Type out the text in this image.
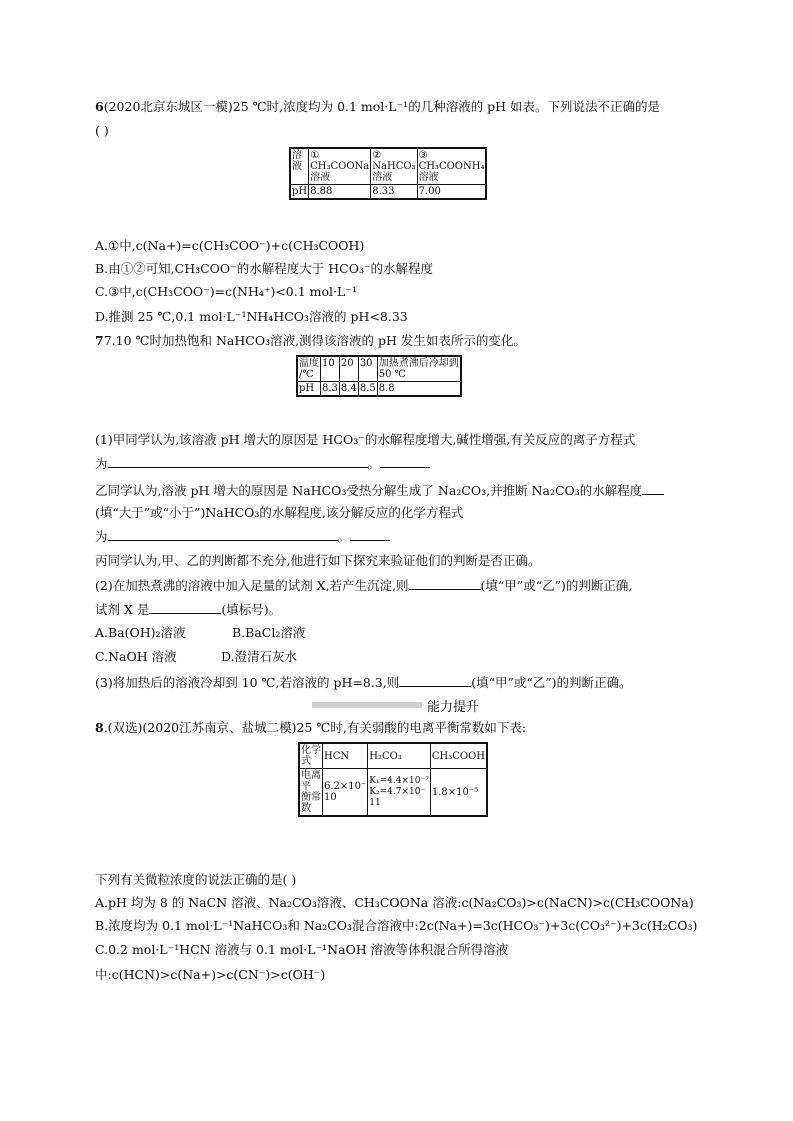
6(2020北京东城区一模)25 ℃时,浓度均为 0.1 mol·L⁻¹的几种溶液的 pH 如表。下列说法不正确的是
( )
溶
液	①
CH₃COONa
溶液	②
NaHCO₃
溶液	③
CH₃COONH₄
溶液
pH	8.88	8.33	7.00
A.①中,c(Na+)=c(CH₃COO⁻)+c(CH₃COOH)
B.由①②可知,CH₃COO⁻的水解程度大于 HCO₃⁻的水解程度
C.③中,c(CH₃COO⁻)=c(NH₄⁺)<0.1 mol·L⁻¹
D.推测 25 ℃,0.1 mol·L⁻¹NH₄HCO₃溶液的 pH<8.33
77.10 ℃时加热饱和 NaHCO₃溶液,测得该溶液的 pH 发生如表所示的变化。
温度
/℃	10	20	30	加热煮沸后冷却到
50 ℃
pH	8.3	8.4	8.5	8.8
(1)甲同学认为,该溶液 pH 增大的原因是 HCO₃⁻的水解程度增大,碱性增强,有关反应的离子方程式
为	。
乙同学认为,溶液 pH 增大的原因是 NaHCO₃受热分解生成了 Na₂CO₃,并推断 Na₂CO₃的水解程度
(填“大于”或“小于”)NaHCO₃的水解程度,该分解反应的化学方程式
为	。
丙同学认为,甲、乙的判断都不充分,他进行如下探究来验证他们的判断是否正确。
(2)在加热煮沸的溶液中加入足量的试剂 X,若产生沉淀,则	(填“甲”或“乙”)的判断正确,
试剂 X 是	(填标号)。
A.Ba(OH)₂溶液	B.BaCl₂溶液
C.NaOH 溶液	D.澄清石灰水
(3)将加热后的溶液冷却到 10 ℃,若溶液的 pH=8.3,则	(填“甲”或“乙”)的判断正确。
能力提升
8.(双选)(2020江苏南京、盐城二模)25 ℃时,有关弱酸的电离平衡常数如下表:
化学
式	HCN	H₂CO₃	CH₃COOH
电离
平
衡常
数	6.2×10⁻
10	K₁=4.4×10⁻⁷
K₂=4.7×10⁻
11	1.8×10⁻⁵
下列有关微粒浓度的说法正确的是( )
A.pH 均为 8 的 NaCN 溶液、Na₂CO₃溶液、CH₃COONa 溶液:c(Na₂CO₃)>c(NaCN)>c(CH₃COONa)
B.浓度均为 0.1 mol·L⁻¹NaHCO₃和 Na₂CO₃混合溶液中:2c(Na+)=3c(HCO₃⁻)+3c(CO₃²⁻)+3c(H₂CO₃)
C.0.2 mol·L⁻¹HCN 溶液与 0.1 mol·L⁻¹NaOH 溶液等体积混合所得溶液
中:c(HCN)>c(Na+)>c(CN⁻)>c(OH⁻)
